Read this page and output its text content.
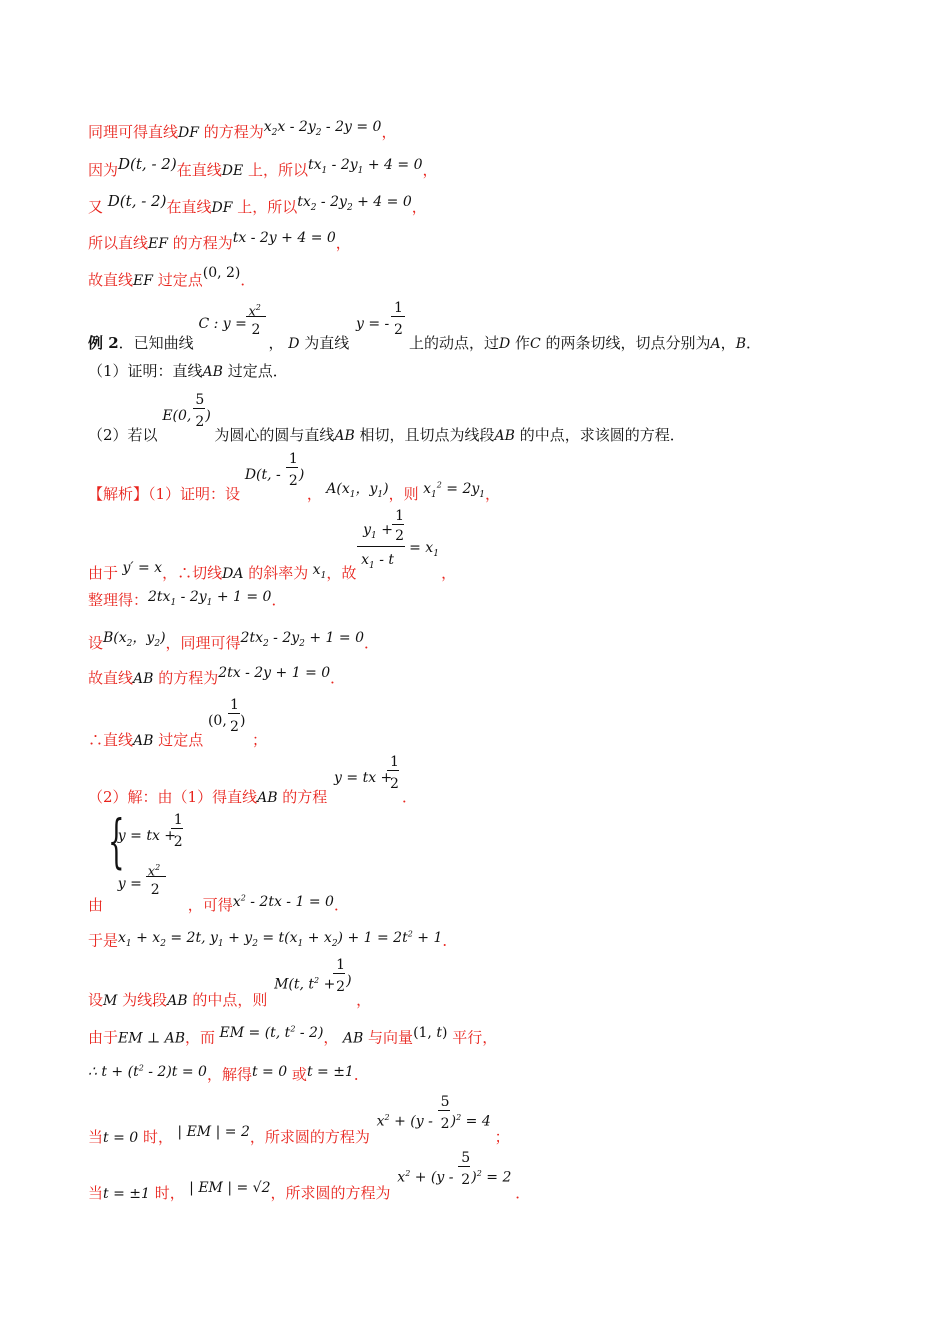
同理可得直线DF 的方程为$x_2x - 2y_2 - 2y = 0$，
因为D(t, - 2)在直线DE 上，所以$tx_1 - 2y_1 + 4 = 0$，
又 D(t, - 2)在直线DF 上，所以$tx_2 - 2y_2 + 4 = 0$，
所以直线EF 的方程为tx - 2y + 4 = 0，
故直线EF 过定点(0, 2)．
例 2．已知曲线
C : y =
$x^2$
2
， D 为直线
y = -
1
2
上的动点，过D 作C 的两条切线，切点分别为A，B．
（1）证明：直线AB 过定点．
（2）若以
E(0,
5
2 )
为圆心的圆与直线AB 相切，且切点为线段AB 的中点，求该圆的方程．
【解析】（1）证明：设
D(t, -
1
2 )
， $A(x_1$，$y_1$)，则 $x_1^2 = 2y_1$，
由于 y′ = x，∴切线DA 的斜率为 $x_1$，故
$y_1$ +
1
2
$x_1$ - t
= $x_1$
，
整理得：$2tx_1 - 2y_1 + 1 = 0$．
设$B(x_2$，$y_2$)，同理可得$2tx_2 - 2y_2 + 1 = 0$．
故直线AB 的方程为2tx - 2y + 1 = 0．
∴直线AB 过定点
(0,
1
2 )
；
（2）解：由（1）得直线AB 的方程
y = tx +
1
2
．
由
{
y = tx +
1
2
y =
$x^2$
2
，可得$x^2 - 2tx - 1 = 0$．
于是$x_1 + x_2 = 2t$, $y_1 + y_2 = t(x_1 + x_2) + 1 = 2t^2 + 1$．
设M 为线段AB 的中点，则
M(t, $t^2$ +
1
2 )
，
由于EM ⊥ AB，而 EM = (t, $t^2 - 2$)， AB 与向量(1, t) 平行，
∴ $t + (t^2 - 2)t = 0$，解得t = 0 或t = ±1．
当t = 0 时， | EM | = 2，所求圆的方程为
$x^2 + (y$ -
5
2 )$^2$ = 4
；
当t = ±1 时， | EM | = √2，所求圆的方程为
$x^2 + (y$ -
5
2 )$^2$ = 2
．
